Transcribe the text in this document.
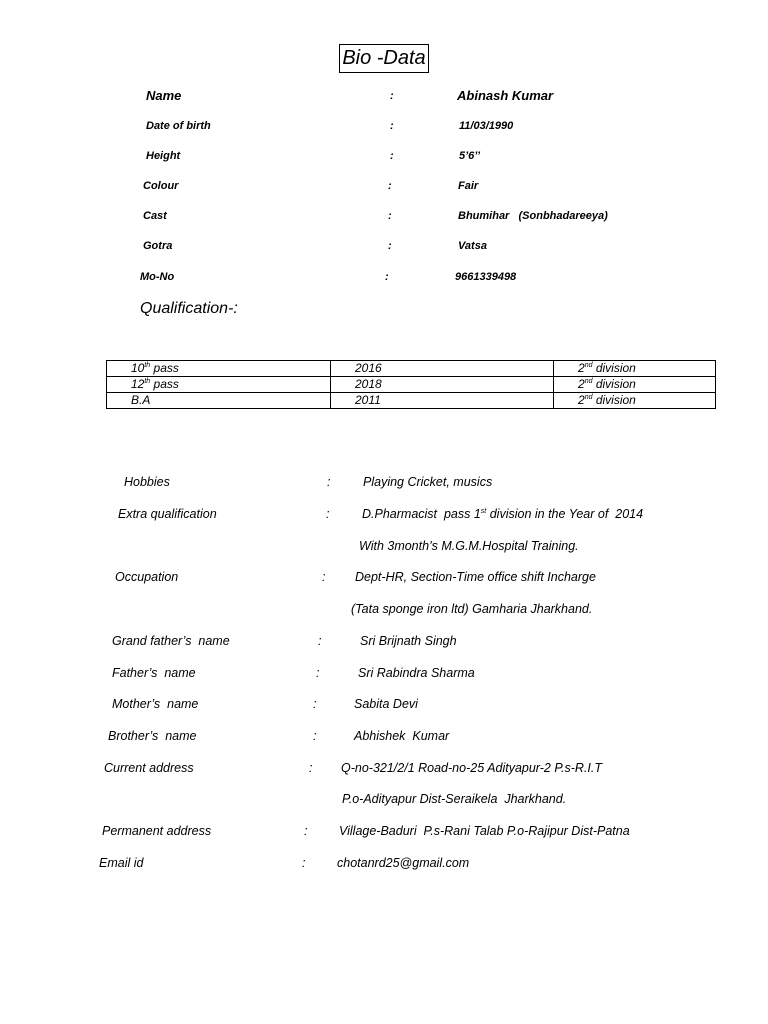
Bio -Data
Name	:	Abinash Kumar
Date of birth	:	11/03/1990
Height	:	5’6’’
Colour	:	Fair
Cast	:	Bhumihar   (Sonbhadareeya)
Gotra	:	Vatsa
Mo-No	:	9661339498
Qualification-:
10th pass	2016	2nd division
12th pass	2018	2nd division
B.A	2011	2nd division
Hobbies	:	Playing Cricket, musics
Extra qualification	:	D.Pharmacist  pass 1st division in the Year of  2014
With 3month’s M.G.M.Hospital Training.
Occupation	: Dept-HR, Section-Time office shift Incharge
(Tata sponge iron ltd) Gamharia Jharkhand.
Grand father’s  name	:	Sri Brijnath Singh
Father’s  name	:	Sri Rabindra Sharma
Mother’s  name	:	Sabita Devi
Brother’s  name	:	Abhishek  Kumar
Current address	: Q-no-321/2/1 Road-no-25 Adityapur-2 P.s-R.I.T
P.o-Adityapur Dist-Seraikela  Jharkhand.
Permanent address	:	Village-Baduri  P.s-Rani Talab P.o-Rajipur Dist-Patna
Email id	:	chotanrd25@gmail.com
